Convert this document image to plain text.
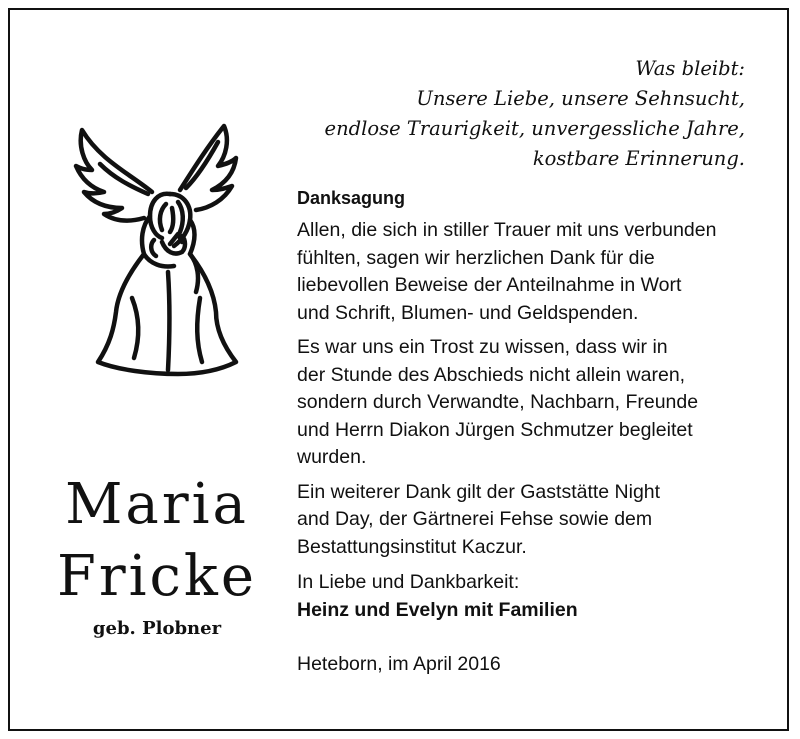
Was bleibt:
Unsere Liebe, unsere Sehnsucht,
endlose Traurigkeit, unvergessliche Jahre,
kostbare Erinnerung.
Maria
Fricke
geb. Plobner
Danksagung
Allen, die sich in stiller Trauer mit uns verbunden
fühlten, sagen wir herzlichen Dank für die
liebevollen Beweise der Anteilnahme in Wort
und Schrift, Blumen- und Geldspenden.
Es war uns ein Trost zu wissen, dass wir in
der Stunde des Abschieds nicht allein waren,
sondern durch Verwandte, Nachbarn, Freunde
und Herrn Diakon Jürgen Schmutzer begleitet
wurden.
Ein weiterer Dank gilt der Gaststätte Night
and Day, der Gärtnerei Fehse sowie dem
Bestattungsinstitut Kaczur.
In Liebe und Dankbarkeit:
Heinz und Evelyn mit Familien
Heteborn, im April 2016
